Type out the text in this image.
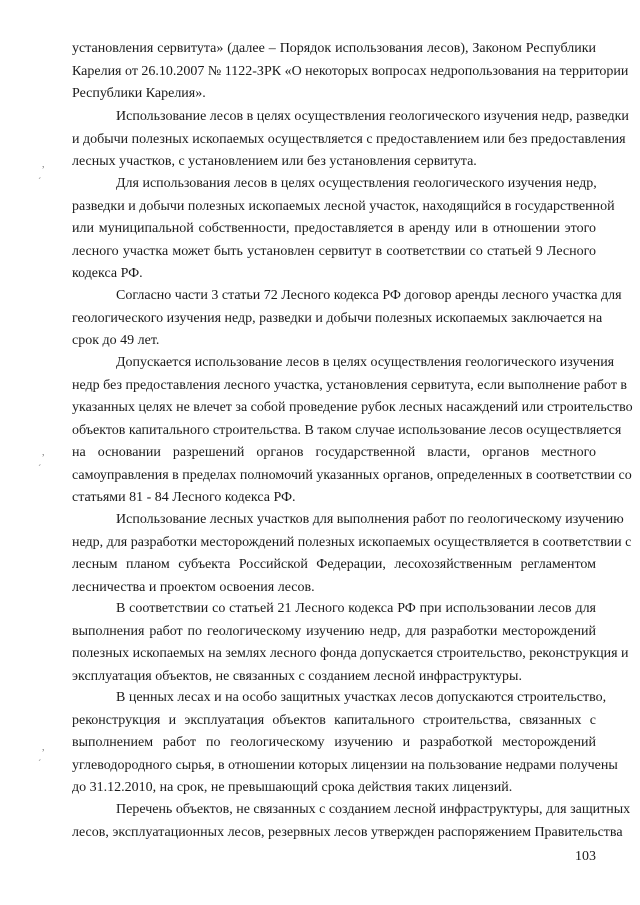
установления сервитута» (далее – Порядок использования лесов), Законом Республики
Карелия от 26.10.2007 № 1122-ЗРК «О некоторых вопросах недропользования на территории
Республики Карелия».
Использование лесов в целях осуществления геологического изучения недр, разведки
и добычи полезных ископаемых осуществляется с предоставлением или без предоставления
лесных участков, с установлением или без установления сервитута.
Для использования лесов в целях осуществления геологического изучения недр,
разведки и добычи полезных ископаемых лесной участок, находящийся в государственной
или муниципальной собственности, предоставляется в аренду или в отношении этого
лесного участка может быть установлен сервитут в соответствии со статьей 9 Лесного
кодекса РФ.
Согласно части 3 статьи 72 Лесного кодекса РФ договор аренды лесного участка для
геологического изучения недр, разведки и добычи полезных ископаемых заключается на
срок до 49 лет.
Допускается использование лесов в целях осуществления геологического изучения
недр без предоставления лесного участка, установления сервитута, если выполнение работ в
указанных целях не влечет за собой проведение рубок лесных насаждений или строительство
объектов капитального строительства. В таком случае использование лесов осуществляется
на основании разрешений органов государственной власти, органов местного
самоуправления в пределах полномочий указанных органов, определенных в соответствии со
статьями 81 - 84 Лесного кодекса РФ.
Использование лесных участков для выполнения работ по геологическому изучению
недр, для разработки месторождений полезных ископаемых осуществляется в соответствии с
лесным планом субъекта Российской Федерации, лесохозяйственным регламентом
лесничества и проектом освоения лесов.
В соответствии со статьей 21 Лесного кодекса РФ при использовании лесов для
выполнения работ по геологическому изучению недр, для разработки месторождений
полезных ископаемых на землях лесного фонда допускается строительство, реконструкция и
эксплуатация объектов, не связанных с созданием лесной инфраструктуры.
В ценных лесах и на особо защитных участках лесов допускаются строительство,
реконструкция и эксплуатация объектов капитального строительства, связанных с
выполнением работ по геологическому изучению и разработкой месторождений
углеводородного сырья, в отношении которых лицензии на пользование недрами получены
до 31.12.2010, на срок, не превышающий срока действия таких лицензий.
Перечень объектов, не связанных с созданием лесной инфраструктуры, для защитных
лесов, эксплуатационных лесов, резервных лесов утвержден распоряжением Правительства
,
´
,
´
,
´
103
